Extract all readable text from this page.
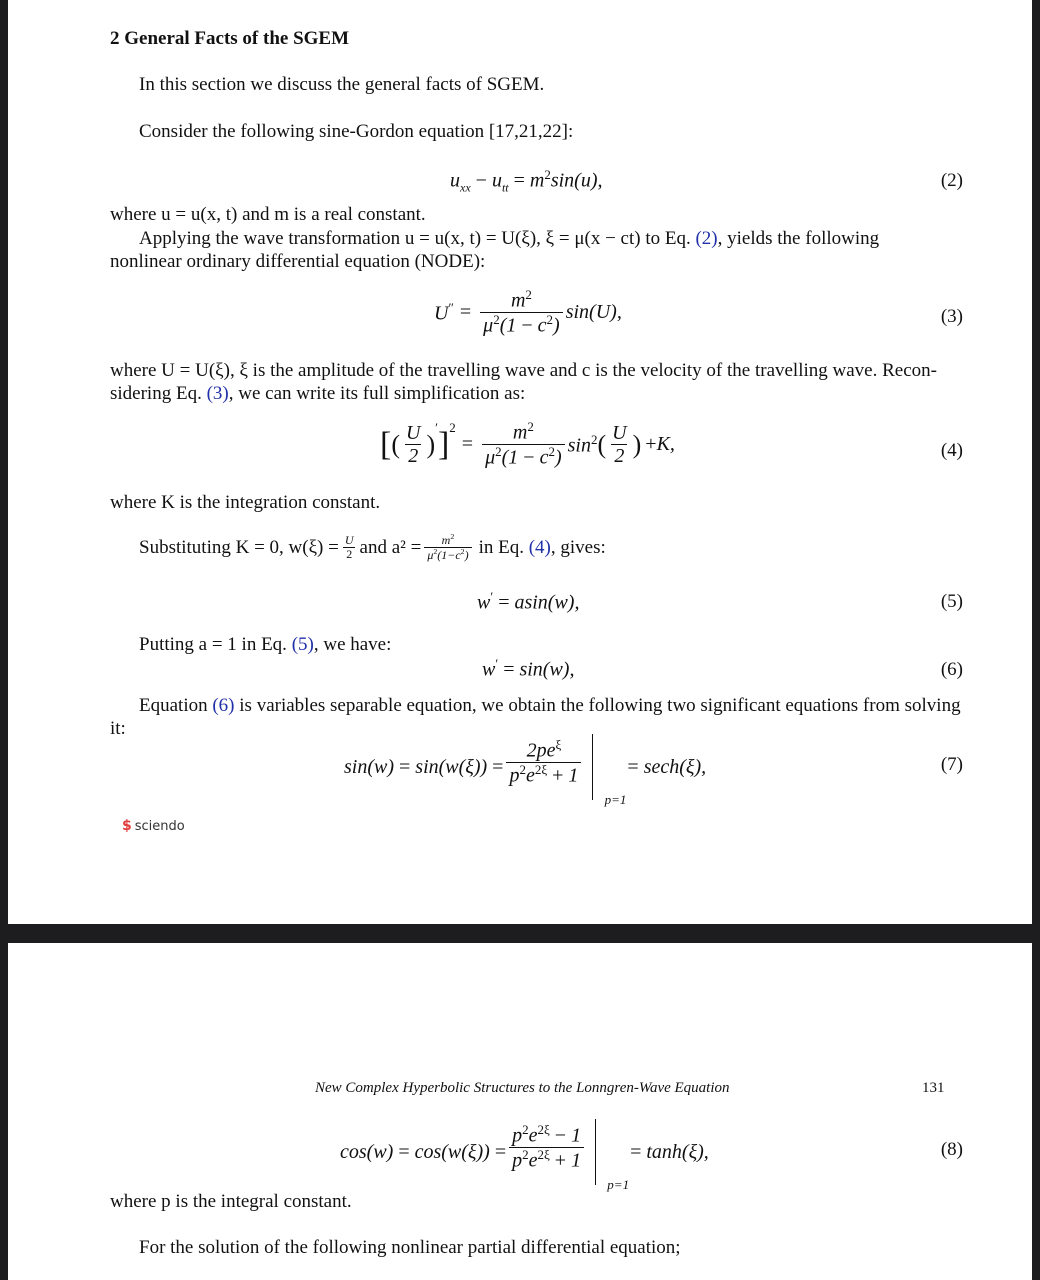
2 General Facts of the SGEM
In this section we discuss the general facts of SGEM.
Consider the following sine-Gordon equation [17,21,22]:
$u_{xx} - u_{tt} = m^2\sin(u)$,	(2)
where u = u(x, t) and m is a real constant.
Applying the wave transformation u = u(x, t) = U(ξ), ξ = μ(x − ct) to Eq. (2), yields the following
nonlinear ordinary differential equation (NODE):
$U'' = \frac{m^2}{\mu^2(1 - c^2)} \sin(U)$,	(3)
where U = U(ξ), ξ is the amplitude of the travelling wave and c is the velocity of the travelling wave. Recon-
sidering Eq. (3), we can write its full simplification as:
[ ( $\frac{U}{2}$ )
′ ]$^2$
= $\frac{m^2}{\mu^2(1 - c^2)} \sin^2$ ( $\frac{U}{2}$ ) + K,	(4)
where K is the integration constant.
Substituting K = 0, $w(\xi) = \frac{U}{2}$ and $a^2 = \frac{m^2}{\mu^2(1-c^2)}$ in Eq.
(4) , gives:
w′ = asin(w),	(5)
Putting a = 1 in Eq. (5), we have:
w′ = sin(w),	(6)
Equation (6) is variables separable equation, we obtain the following two significant equations from solving
it:
$\sin(w) = \sin(w(\xi)) = \frac{2pe^\xi}{p^2e^{2\xi} + 1}$
p=1
= sech(ξ),	(7)
$ sciendo
New Complex Hyperbolic Structures to the Lonngren-Wave Equation	131
$\cos(w) = \cos(w(\xi)) = \frac{p^2e^{2\xi} - 1}{p^2e^{2\xi} + 1}$
p=1
= tanh(ξ),	(8)
where p is the integral constant.
For the solution of the following nonlinear partial differential equation;
